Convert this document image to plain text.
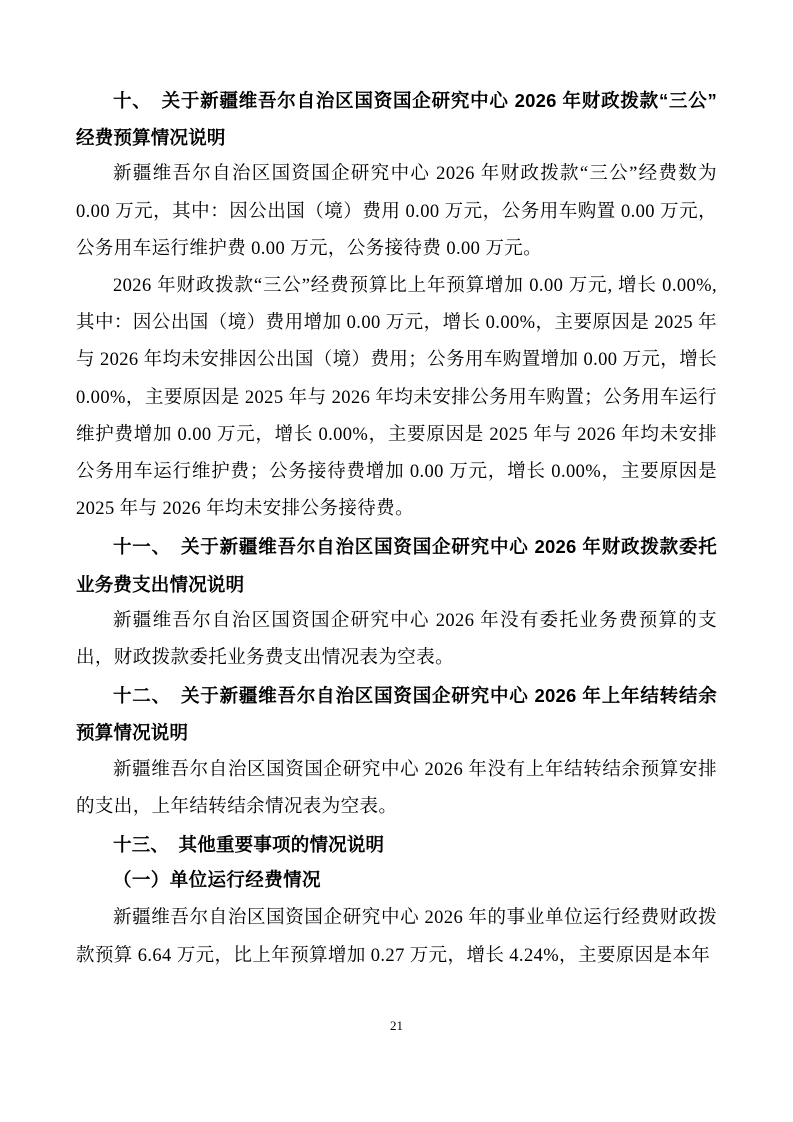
十、　关于新疆维吾尔自治区国资国企研究中心 2026 年财政拨款“三公”经费预算情况说明

新疆维吾尔自治区国资国企研究中心 2026 年财政拨款“三公”经费数为 0.00 万元，其中：因公出国（境）费用 0.00 万元，公务用车购置 0.00 万元，公务用车运行维护费 0.00 万元，公务接待费 0.00 万元。

2026 年财政拨款“三公”经费预算比上年预算增加 0.00 万元, 增长 0.00%, 其中：因公出国（境）费用增加 0.00 万元，增长 0.00%，主要原因是 2025 年与 2026 年均未安排因公出国（境）费用；公务用车购置增加 0.00 万元，增长 0.00%，主要原因是 2025 年与 2026 年均未安排公务用车购置；公务用车运行维护费增加 0.00 万元，增长 0.00%，主要原因是 2025 年与 2026 年均未安排公务用车运行维护费；公务接待费增加 0.00 万元，增长 0.00%，主要原因是 2025 年与 2026 年均未安排公务接待费。

十一、　关于新疆维吾尔自治区国资国企研究中心 2026 年财政拨款委托业务费支出情况说明

新疆维吾尔自治区国资国企研究中心 2026 年没有委托业务费预算的支出，财政拨款委托业务费支出情况表为空表。

十二、　关于新疆维吾尔自治区国资国企研究中心 2026 年上年结转结余预算情况说明

新疆维吾尔自治区国资国企研究中心 2026 年没有上年结转结余预算安排的支出，上年结转结余情况表为空表。

十三、　其他重要事项的情况说明

（一）单位运行经费情况

新疆维吾尔自治区国资国企研究中心 2026 年的事业单位运行经费财政拨款预算 6.64 万元，比上年预算增加 0.27 万元，增长 4.24%，主要原因是本年

21
